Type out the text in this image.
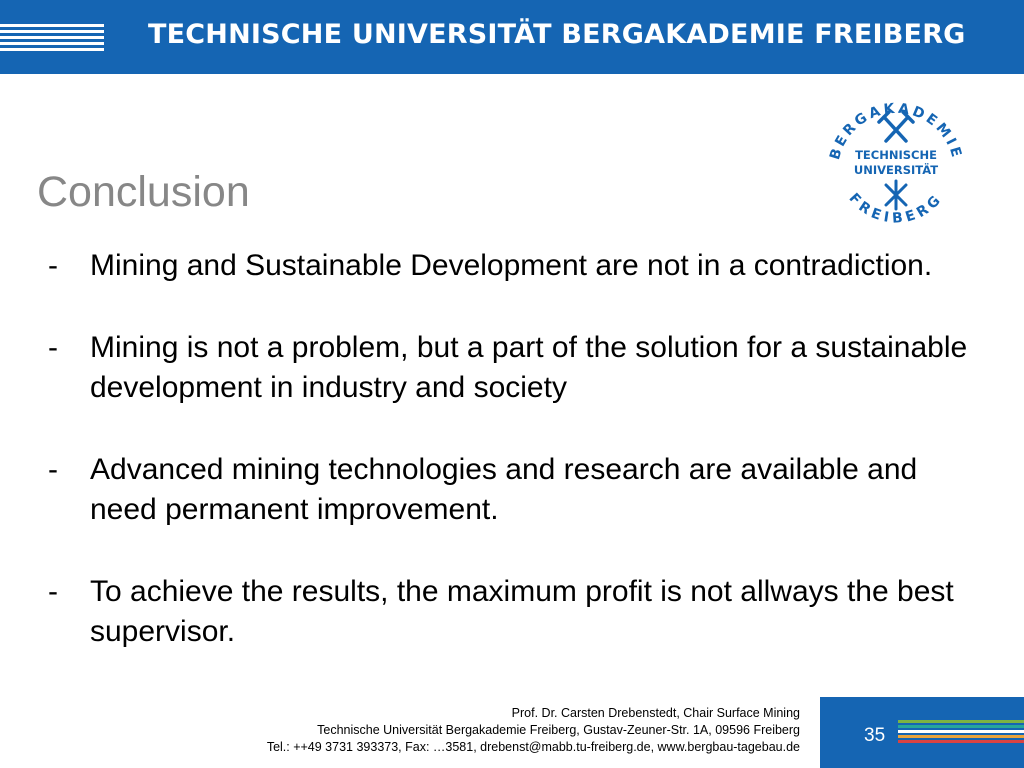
TECHNISCHE UNIVERSITÄT BERGAKADEMIE FREIBERG
BERGAKADEMIE
FREIBERG
TECHNISCHE
UNIVERSITÄT
Conclusion
- Mining and Sustainable Development are not in a contradiction.
- Mining is not a problem, but a part of the solution for a sustainable development in industry and society
- Advanced mining technologies and research are available and need permanent improvement.
- To achieve the results, the maximum profit is not allways the best supervisor.
Prof. Dr. Carsten Drebenstedt, Chair Surface Mining
Technische Universität Bergakademie Freiberg, Gustav-Zeuner-Str. 1A, 09596 Freiberg
Tel.: ++49 3731 393373, Fax: …3581, drebenst@mabb.tu-freiberg.de, www.bergbau-tagebau.de
35
